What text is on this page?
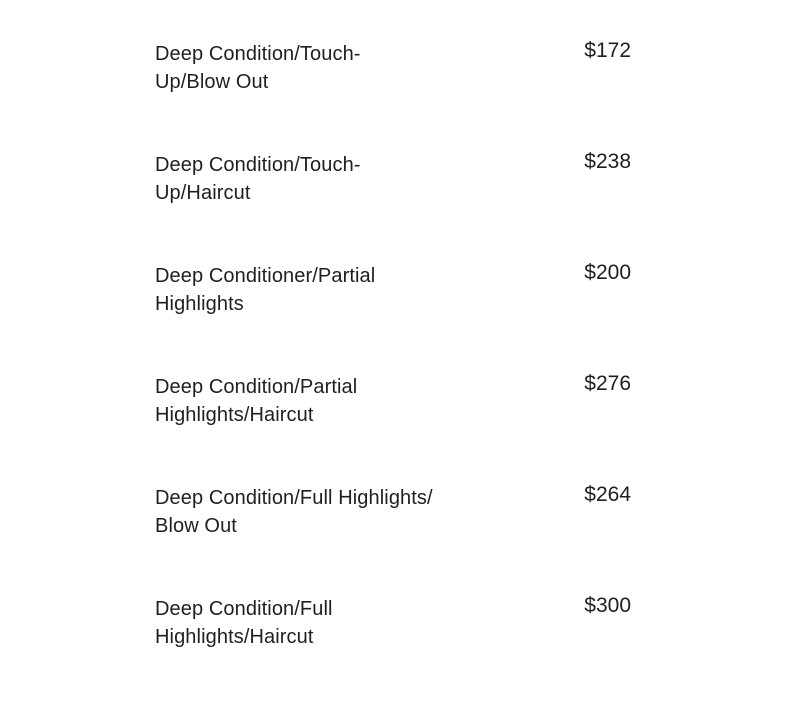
Deep Condition/Touch-
Up/Blow Out
$172
Deep Condition/Touch-
Up/Haircut
$238
Deep Conditioner/Partial
Highlights
$200
Deep Condition/Partial
Highlights/Haircut
$276
Deep Condition/Full Highlights/
Blow Out
$264
Deep Condition/Full
Highlights/Haircut
$300
